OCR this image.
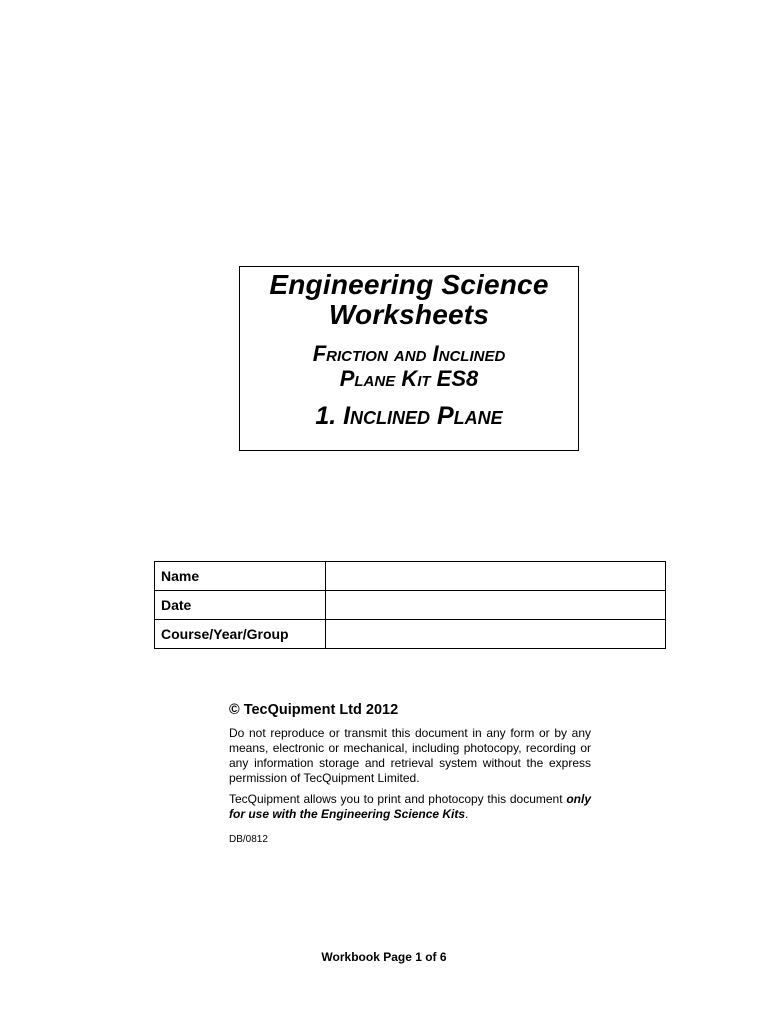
Engineering Science
Worksheets
Friction and Inclined
Plane Kit ES8
1. Inclined Plane
Name	
Date	
Course/Year/Group	
© TecQuipment Ltd 2012

Do not reproduce or transmit this document in any form or by any means, electronic or mechanical, including photocopy, recording or any information storage and retrieval system without the express permission of TecQuipment Limited.

TecQuipment allows you to print and photocopy this document only for use with the Engineering Science Kits.

DB/0812
Workbook Page 1 of 6
